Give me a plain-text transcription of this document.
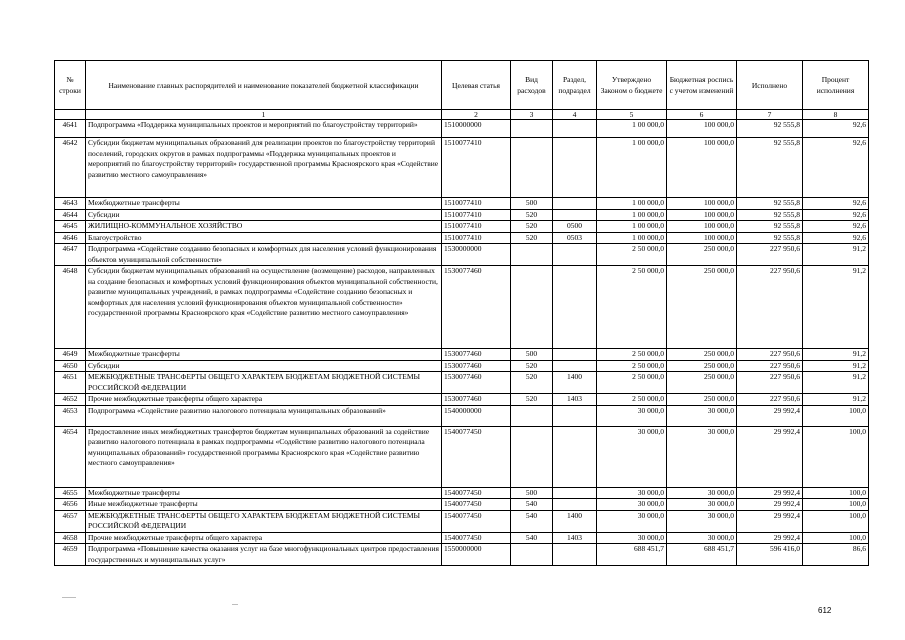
№ строки	Наименование главных распорядителей и наименование показателей бюджетной классификации	Целевая статья	Вид расходов	Раздел, подраздел	Утверждено Законом о бюджете	Бюджетная роспись с учетом изменений	Исполнено	Процент исполнения
	1	2	3	4	5	6	7	8
4641	Подпрограмма «Поддержка муниципальных проектов и мероприятий по благоустройству территорий»	1510000000			1 00 000,0	100 000,0	92 555,8	92,6
4642	Субсидии бюджетам муниципальных образований для реализации проектов по благоустройству территорий поселений, городских округов в рамках подпрограммы «Поддержка муниципальных проектов и мероприятий по благоустройству территорий» государственной программы Красноярского края «Содействие развитию местного самоуправления»	1510077410			1 00 000,0	100 000,0	92 555,8	92,6
4643	Межбюджетные трансферты	1510077410	500		1 00 000,0	100 000,0	92 555,8	92,6
4644	Субсидии	1510077410	520		1 00 000,0	100 000,0	92 555,8	92,6
4645	ЖИЛИЩНО-КОММУНАЛЬНОЕ ХОЗЯЙСТВО	1510077410	520	0500	1 00 000,0	100 000,0	92 555,8	92,6
4646	Благоустройство	1510077410	520	0503	1 00 000,0	100 000,0	92 555,8	92,6
4647	Подпрограмма «Содействие созданию безопасных и комфортных для населения условий функционирования объектов муниципальной собственности»	1530000000			2 50 000,0	250 000,0	227 950,6	91,2
4648	Субсидии бюджетам муниципальных образований на осуществление (возмещение) расходов, направленных на создание безопасных и комфортных условий функционирования объектов муниципальной собственности, развитие муниципальных учреждений, в рамках подпрограммы «Содействие созданию безопасных и комфортных для населения условий функционирования объектов муниципальной собственности» государственной программы Красноярского края «Содействие развитию местного самоуправления»	1530077460			2 50 000,0	250 000,0	227 950,6	91,2
4649	Межбюджетные трансферты	1530077460	500		2 50 000,0	250 000,0	227 950,6	91,2
4650	Субсидии	1530077460	520		2 50 000,0	250 000,0	227 950,6	91,2
4651	МЕЖБЮДЖЕТНЫЕ ТРАНСФЕРТЫ ОБЩЕГО ХАРАКТЕРА БЮДЖЕТАМ БЮДЖЕТНОЙ СИСТЕМЫ РОССИЙСКОЙ ФЕДЕРАЦИИ	1530077460	520	1400	2 50 000,0	250 000,0	227 950,6	91,2
4652	Прочие межбюджетные трансферты общего характера	1530077460	520	1403	2 50 000,0	250 000,0	227 950,6	91,2
4653	Подпрограмма «Содействие развитию налогового потенциала муниципальных образований»	1540000000			30 000,0	30 000,0	29 992,4	100,0
4654	Предоставление иных межбюджетных трансфертов бюджетам муниципальных образований за содействие развитию налогового потенциала в рамках подпрограммы «Содействие развитию налогового потенциала муниципальных образований» государственной программы Красноярского края «Содействие развитию местного самоуправления»	1540077450			30 000,0	30 000,0	29 992,4	100,0
4655	Межбюджетные трансферты	1540077450	500		30 000,0	30 000,0	29 992,4	100,0
4656	Иные межбюджетные трансферты	1540077450	540		30 000,0	30 000,0	29 992,4	100,0
4657	МЕЖБЮДЖЕТНЫЕ ТРАНСФЕРТЫ ОБЩЕГО ХАРАКТЕРА БЮДЖЕТАМ БЮДЖЕТНОЙ СИСТЕМЫ РОССИЙСКОЙ ФЕДЕРАЦИИ	1540077450	540	1400	30 000,0	30 000,0	29 992,4	100,0
4658	Прочие межбюджетные трансферты общего характера	1540077450	540	1403	30 000,0	30 000,0	29 992,4	100,0
4659	Подпрограмма «Повышение качества оказания услуг на базе многофункциональных центров предоставления государственных и муниципальных услуг»	1550000000			688 451,7	688 451,7	596 416,0	86,6
612
